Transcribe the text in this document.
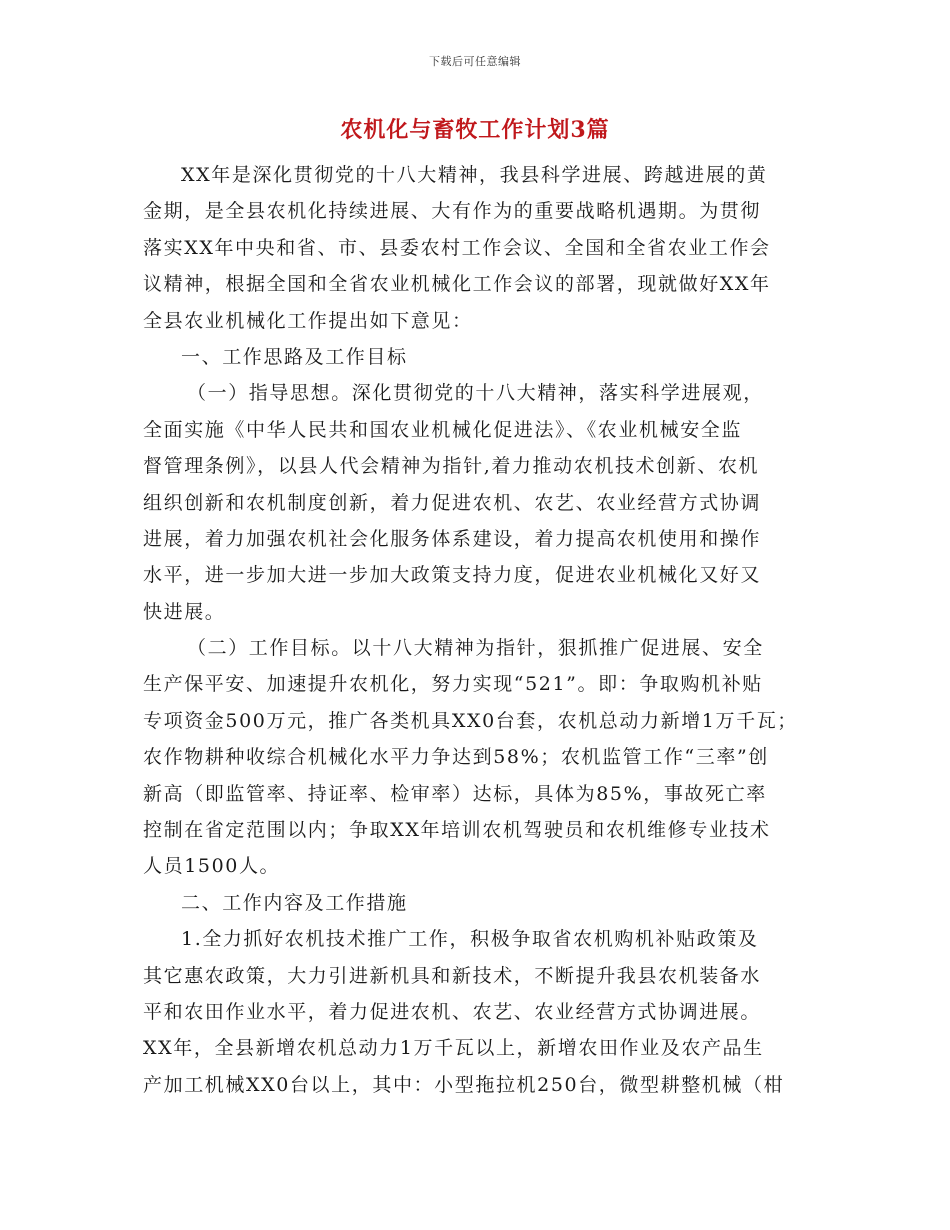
下载后可任意编辑
农机化与畜牧工作计划3篇
XX年是深化贯彻党的十八大精神，我县科学进展、跨越进展的黄
金期，是全县农机化持续进展、大有作为的重要战略机遇期。为贯彻
落实XX年中央和省、市、县委农村工作会议、全国和全省农业工作会
议精神，根据全国和全省农业机械化工作会议的部署，现就做好XX年
全县农业机械化工作提出如下意见：
一、工作思路及工作目标
（一）指导思想。深化贯彻党的十八大精神，落实科学进展观，
全面实施《中华人民共和国农业机械化促进法》、《农业机械安全监
督管理条例》，以县人代会精神为指针,着力推动农机技术创新、农机
组织创新和农机制度创新，着力促进农机、农艺、农业经营方式协调
进展，着力加强农机社会化服务体系建设，着力提高农机使用和操作
水平，进一步加大进一步加大政策支持力度，促进农业机械化又好又
快进展。
（二）工作目标。以十八大精神为指针，狠抓推广促进展、安全
生产保平安、加速提升农机化，努力实现“521”。即：争取购机补贴
专项资金500万元，推广各类机具XX0台套，农机总动力新增1万千瓦；
农作物耕种收综合机械化水平力争达到58%；农机监管工作“三率”创
新高（即监管率、持证率、检审率）达标，具体为85%，事故死亡率
控制在省定范围以内；争取XX年培训农机驾驶员和农机维修专业技术
人员1500人。
二、工作内容及工作措施
1.全力抓好农机技术推广工作，积极争取省农机购机补贴政策及
其它惠农政策，大力引进新机具和新技术，不断提升我县农机装备水
平和农田作业水平，着力促进农机、农艺、农业经营方式协调进展。
XX年，全县新增农机总动力1万千瓦以上，新增农田作业及农产品生
产加工机械XX0台以上，其中：小型拖拉机250台，微型耕整机械（柑
